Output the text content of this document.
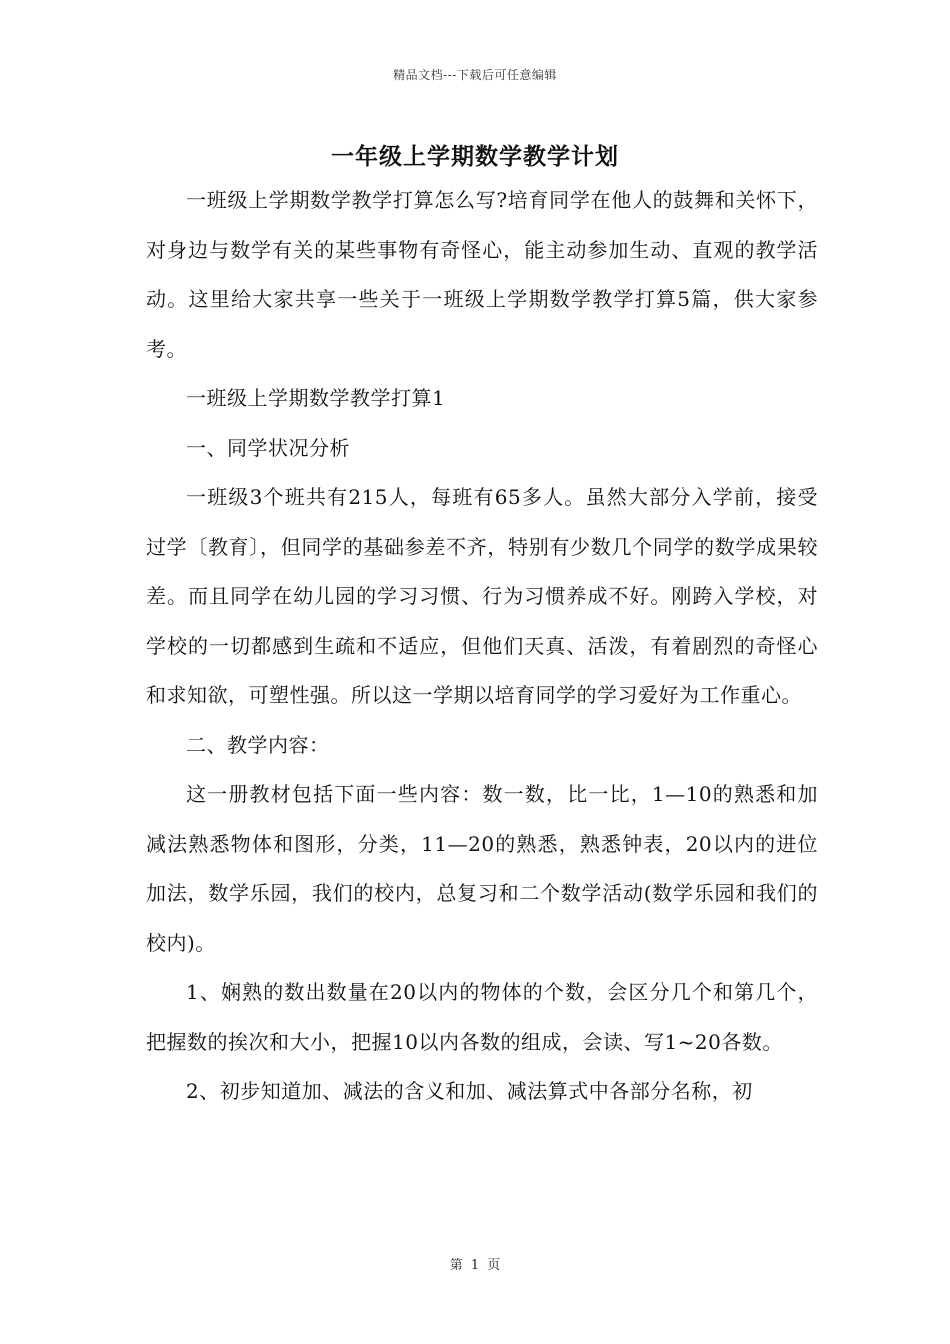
精品文档---下载后可任意编辑
一年级上学期数学教学计划

一班级上学期数学教学打算怎么写?培育同学在他人的鼓舞和关怀下，对身边与数学有关的某些事物有奇怪心，能主动参加生动、直观的教学活动。这里给大家共享一些关于一班级上学期数学教学打算5篇，供大家参考。

一班级上学期数学教学打算1

一、同学状况分析

一班级3个班共有215人，每班有65多人。虽然大部分入学前，接受过学〔教育〕，但同学的基础参差不齐，特别有少数几个同学的数学成果较差。而且同学在幼儿园的学习习惯、行为习惯养成不好。刚跨入学校，对学校的一切都感到生疏和不适应，但他们天真、活泼，有着剧烈的奇怪心和求知欲，可塑性强。所以这一学期以培育同学的学习爱好为工作重心。

二、教学内容：

这一册教材包括下面一些内容：数一数，比一比，1—10的熟悉和加减法熟悉物体和图形，分类，11—20的熟悉，熟悉钟表，20以内的进位加法，数学乐园，我们的校内，总复习和二个数学活动(数学乐园和我们的校内)。

1、娴熟的数出数量在20以内的物体的个数，会区分几个和第几个，把握数的挨次和大小，把握10以内各数的组成，会读、写1~20各数。

2、初步知道加、减法的含义和加、减法算式中各部分名称，初

第 1 页
